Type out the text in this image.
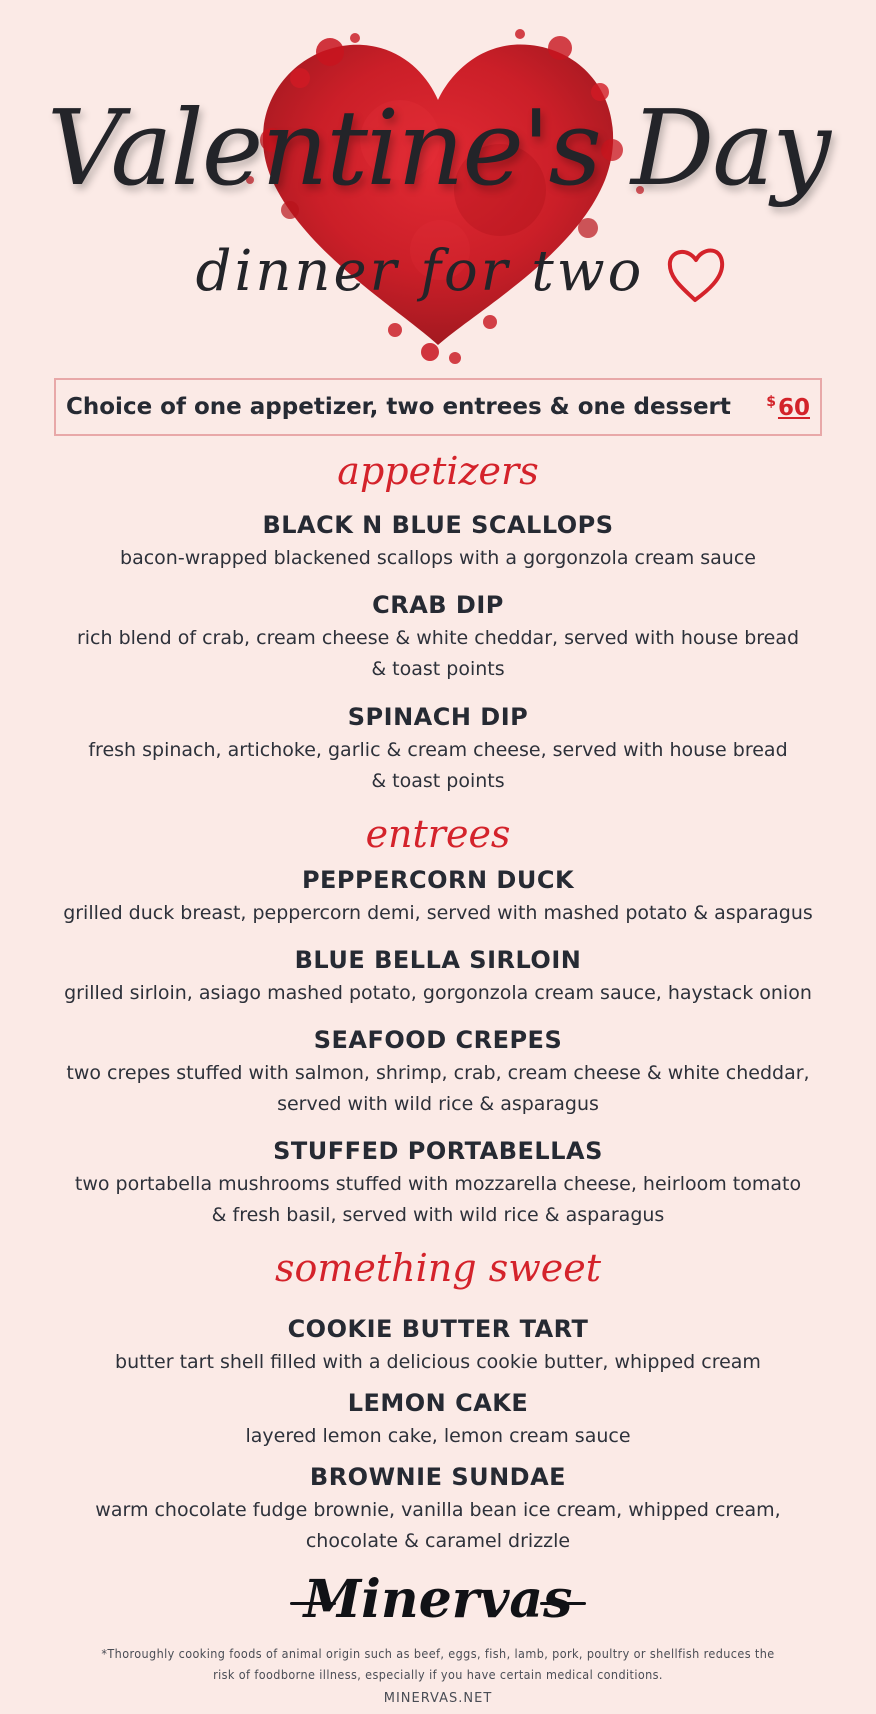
Valentine's Day
dinner for two
Choice of one appetizer, two entrees & one dessert	$60
appetizers
BLACK N BLUE SCALLOPS
bacon-wrapped blackened scallops with a gorgonzola cream sauce
CRAB DIP
rich blend of crab, cream cheese & white cheddar, served with house bread
& toast points
SPINACH DIP
fresh spinach, artichoke, garlic & cream cheese, served with house bread
& toast points
entrees
PEPPERCORN DUCK
grilled duck breast, peppercorn demi, served with mashed potato & asparagus
BLUE BELLA SIRLOIN
grilled sirloin, asiago mashed potato, gorgonzola cream sauce, haystack onion
SEAFOOD CREPES
two crepes stuffed with salmon, shrimp, crab, cream cheese & white cheddar,
served with wild rice & asparagus
STUFFED PORTABELLAS
two portabella mushrooms stuffed with mozzarella cheese, heirloom tomato
& fresh basil, served with wild rice & asparagus
something sweet
COOKIE BUTTER TART
butter tart shell filled with a delicious cookie butter, whipped cream
LEMON CAKE
layered lemon cake, lemon cream sauce
BROWNIE SUNDAE
warm chocolate fudge brownie, vanilla bean ice cream, whipped cream,
chocolate & caramel drizzle
Minervas
*Thoroughly cooking foods of animal origin such as beef, eggs, fish, lamb, pork, poultry or shellfish reduces the
risk of foodborne illness, especially if you have certain medical conditions.
MINERVAS.NET
